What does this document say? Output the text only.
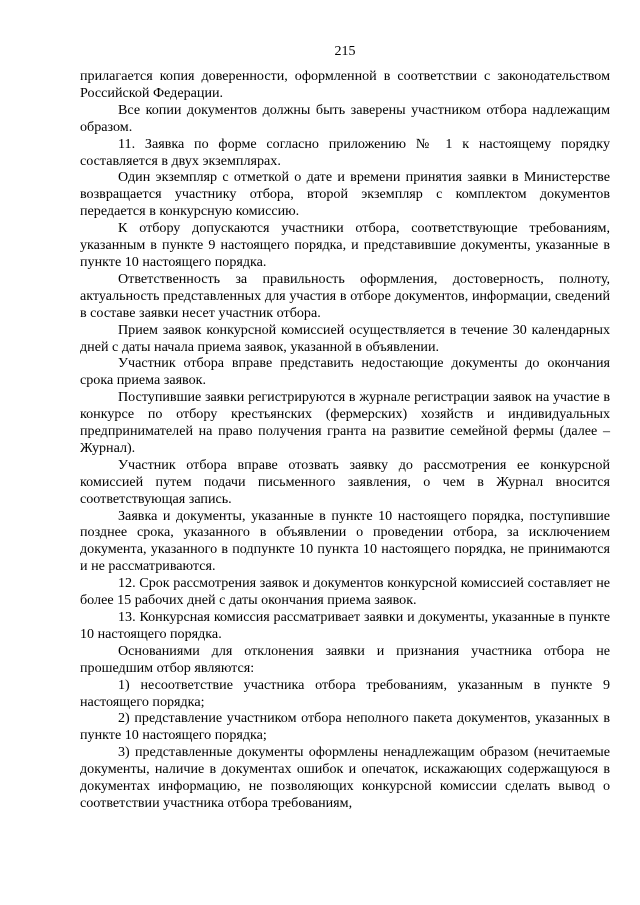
215

прилагается копия доверенности, оформленной в соответствии с законодательством Российской Федерации.

Все копии документов должны быть заверены участником отбора надлежащим образом.

11. Заявка по форме согласно приложению № 1 к настоящему порядку составляется в двух экземплярах.

Один экземпляр с отметкой о дате и времени принятия заявки в Министерстве возвращается участнику отбора, второй экземпляр с комплектом документов передается в конкурсную комиссию.

К отбору допускаются участники отбора, соответствующие требованиям, указанным в пункте 9 настоящего порядка, и представившие документы, указанные в пункте 10 настоящего порядка.

Ответственность за правильность оформления, достоверность, полноту, актуальность представленных для участия в отборе документов, информации, сведений в составе заявки несет участник отбора.

Прием заявок конкурсной комиссией осуществляется в течение 30 календарных дней с даты начала приема заявок, указанной в объявлении.

Участник отбора вправе представить недостающие документы до окончания срока приема заявок.

Поступившие заявки регистрируются в журнале регистрации заявок на участие в конкурсе по отбору крестьянских (фермерских) хозяйств и индивидуальных предпринимателей на право получения гранта на развитие семейной фермы (далее – Журнал).

Участник отбора вправе отозвать заявку до рассмотрения ее конкурсной комиссией путем подачи письменного заявления, о чем в Журнал вносится соответствующая запись.

Заявка и документы, указанные в пункте 10 настоящего порядка, поступившие позднее срока, указанного в объявлении о проведении отбора, за исключением документа, указанного в подпункте 10 пункта 10 настоящего порядка, не принимаются и не рассматриваются.

12. Срок рассмотрения заявок и документов конкурсной комиссией составляет не более 15 рабочих дней с даты окончания приема заявок.

13. Конкурсная комиссия рассматривает заявки и документы, указанные в пункте 10 настоящего порядка.

Основаниями для отклонения заявки и признания участника отбора не прошедшим отбор являются:

1) несоответствие участника отбора требованиям, указанным в пункте 9 настоящего порядка;

2) представление участником отбора неполного пакета документов, указанных в пункте 10 настоящего порядка;

3) представленные документы оформлены ненадлежащим образом (нечитаемые документы, наличие в документах ошибок и опечаток, искажающих содержащуюся в документах информацию, не позволяющих конкурсной комиссии сделать вывод о соответствии участника отбора требованиям,
